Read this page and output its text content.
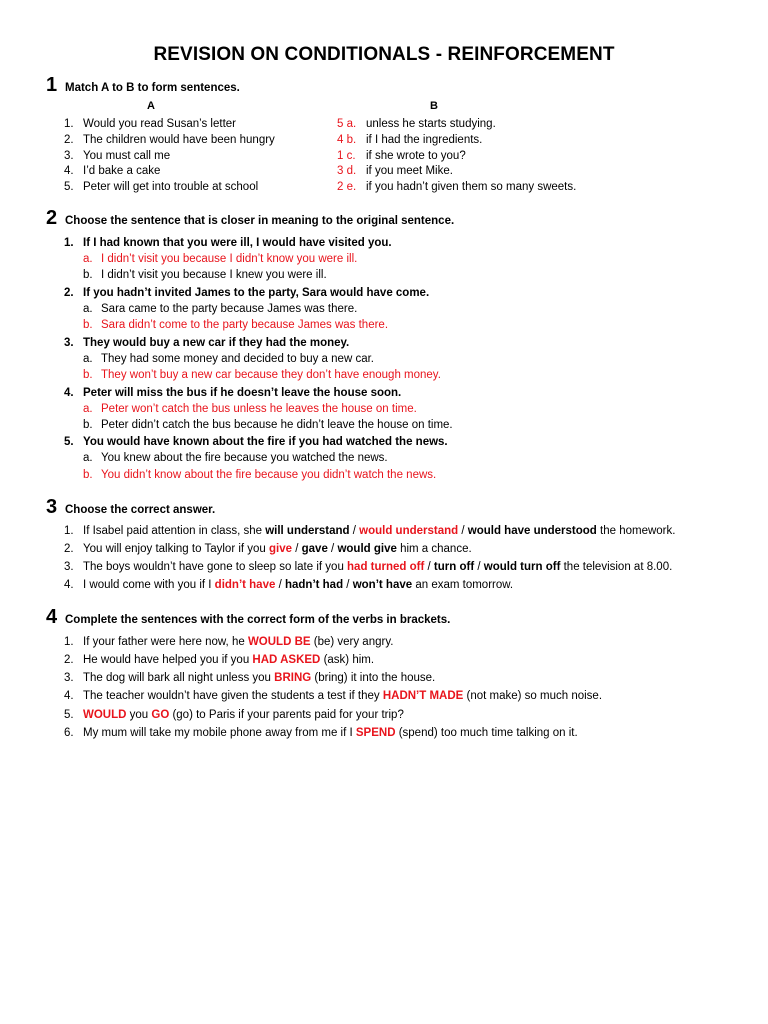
REVISION ON CONDITIONALS - REINFORCEMENT
1 Match A to B to form sentences.
A	B
1. Would you read Susan’s letter
2. The children would have been hungry
3. You must call me
4. I’d bake a cake
5. Peter will get into trouble at school
5 a. unless he starts studying.
4 b. if I had the ingredients.
1 c. if she wrote to you?
3 d. if you meet Mike.
2 e. if you hadn’t given them so many sweets.
2 Choose the sentence that is closer in meaning to the original sentence.
1. If I had known that you were ill, I would have visited you.
a. I didn’t visit you because I didn’t know you were ill.
b. I didn’t visit you because I knew you were ill.
2. If you hadn’t invited James to the party, Sara would have come.
a. Sara came to the party because James was there.
b. Sara didn’t come to the party because James was there.
3. They would buy a new car if they had the money.
a. They had some money and decided to buy a new car.
b. They won’t buy a new car because they don’t have enough money.
4. Peter will miss the bus if he doesn’t leave the house soon.
a. Peter won’t catch the bus unless he leaves the house on time.
b. Peter didn’t catch the bus because he didn’t leave the house on time.
5. You would have known about the fire if you had watched the news.
a. You knew about the fire because you watched the news.
b. You didn’t know about the fire because you didn’t watch the news.
3 Choose the correct answer.
1. If Isabel paid attention in class, she will understand / would understand / would have understood the homework.
2. You will enjoy talking to Taylor if you give / gave / would give him a chance.
3. The boys wouldn’t have gone to sleep so late if you had turned off / turn off / would turn off the television at 8.00.
4. I would come with you if I didn’t have / hadn’t had / won’t have an exam tomorrow.
4 Complete the sentences with the correct form of the verbs in brackets.
1. If your father were here now, he WOULD BE (be) very angry.
2. He would have helped you if you HAD ASKED (ask) him.
3. The dog will bark all night unless you BRING (bring) it into the house.
4. The teacher wouldn’t have given the students a test if they HADN’T MADE (not make) so much noise.
5. WOULD you GO (go) to Paris if your parents paid for your trip?
6. My mum will take my mobile phone away from me if I SPEND (spend) too much time talking on it.
